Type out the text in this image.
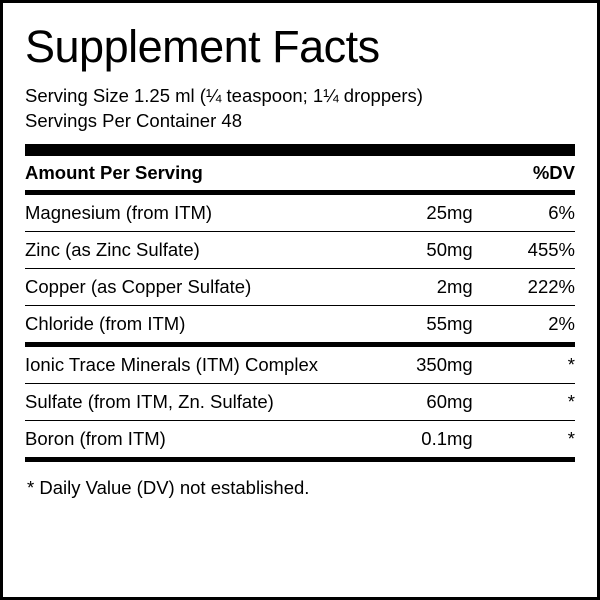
Supplement Facts
Serving Size 1.25 ml (¼ teaspoon; 1¼ droppers)
Servings Per Container 48
Amount Per Serving		%DV
Magnesium (from ITM)	25mg	6%
Zinc (as Zinc Sulfate)	50mg	455%
Copper (as Copper Sulfate)	2mg	222%
Chloride (from ITM)	55mg	2%
Ionic Trace Minerals (ITM) Complex	350mg	*
Sulfate (from ITM, Zn. Sulfate)	60mg	*
Boron (from ITM)	0.1mg	*
* Daily Value (DV) not established.
